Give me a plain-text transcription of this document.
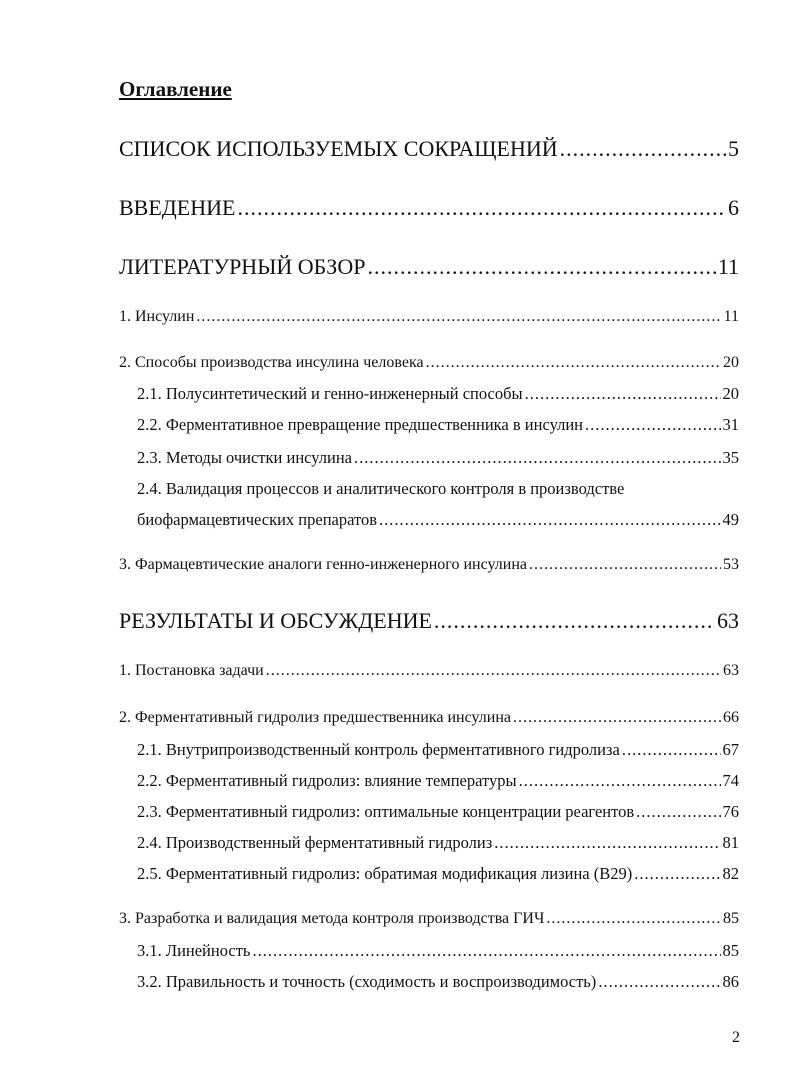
Оглавление
СПИСОК ИСПОЛЬЗУЕМЫХ СОКРАЩЕНИЙ .....	5
ВВЕДЕНИЕ .....	6
ЛИТЕРАТУРНЫЙ ОБЗОР .....	11
1. Инсулин .....	11
2. Способы производства инсулина человека .....	20
2.1. Полусинтетический и генно-инженерный способы .....	20
2.2. Ферментативное превращение предшественника в инсулин .....	31
2.3. Методы очистки инсулина .....	35
2.4. Валидация процессов и аналитического контроля в производстве
биофармацевтических препаратов .....	49
3. Фармацевтические аналоги генно-инженерного инсулина .....	53
РЕЗУЛЬТАТЫ И ОБСУЖДЕНИЕ .....	63
1. Постановка задачи .....	63
2. Ферментативный гидролиз предшественника инсулина .....	66
2.1. Внутрипроизводственный контроль ферментативного гидролиза .....	67
2.2. Ферментативный гидролиз: влияние температуры .....	74
2.3. Ферментативный гидролиз: оптимальные концентрации реагентов .....	76
2.4. Производственный ферментативный гидролиз .....	81
2.5. Ферментативный гидролиз: обратимая модификация лизина (В29) .....	82
3. Разработка и валидация метода контроля производства ГИЧ .....	85
3.1. Линейность .....	85
3.2. Правильность и точность (сходимость и воспроизводимость) .....	86
2
